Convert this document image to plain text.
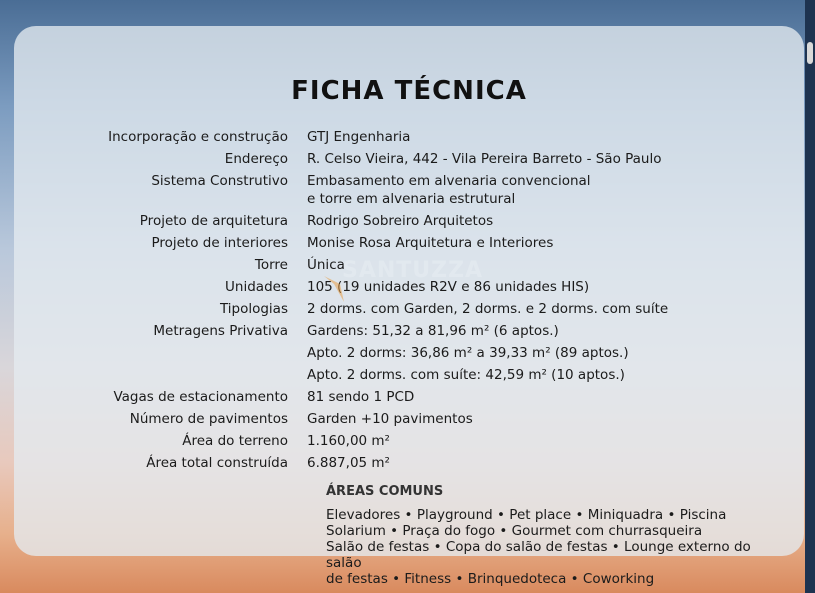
FICHA TÉCNICA
Incorporação e construção	GTJ Engenharia
Endereço	R. Celso Vieira, 442 - Vila Pereira Barreto - São Paulo
Sistema Construtivo	Embasamento em alvenaria convencional
e torre em alvenaria estrutural
Projeto de arquitetura	Rodrigo Sobreiro Arquitetos
Projeto de interiores	Monise Rosa Arquitetura e Interiores
Torre	Única
Unidades	105 (19 unidades R2V e 86 unidades HIS)
Tipologias	2 dorms. com Garden, 2 dorms. e 2 dorms. com suíte
Metragens Privativa	Gardens: 51,32 a 81,96 m² (6 aptos.)
Apto. 2 dorms: 36,86 m² a 39,33 m² (89 aptos.)
Apto. 2 dorms. com suíte: 42,59 m² (10 aptos.)
Vagas de estacionamento	81 sendo 1 PCD
Número de pavimentos	Garden +10 pavimentos
Área do terreno	1.160,00 m²
Área total construída	6.887,05 m²
ÁREAS COMUNS
Elevadores • Playground • Pet place • Miniquadra • Piscina
Solarium • Praça do fogo • Gourmet com churrasqueira
Salão de festas • Copa do salão de festas • Lounge externo do salão
de festas • Fitness • Brinquedoteca • Coworking
SANTUZZA
